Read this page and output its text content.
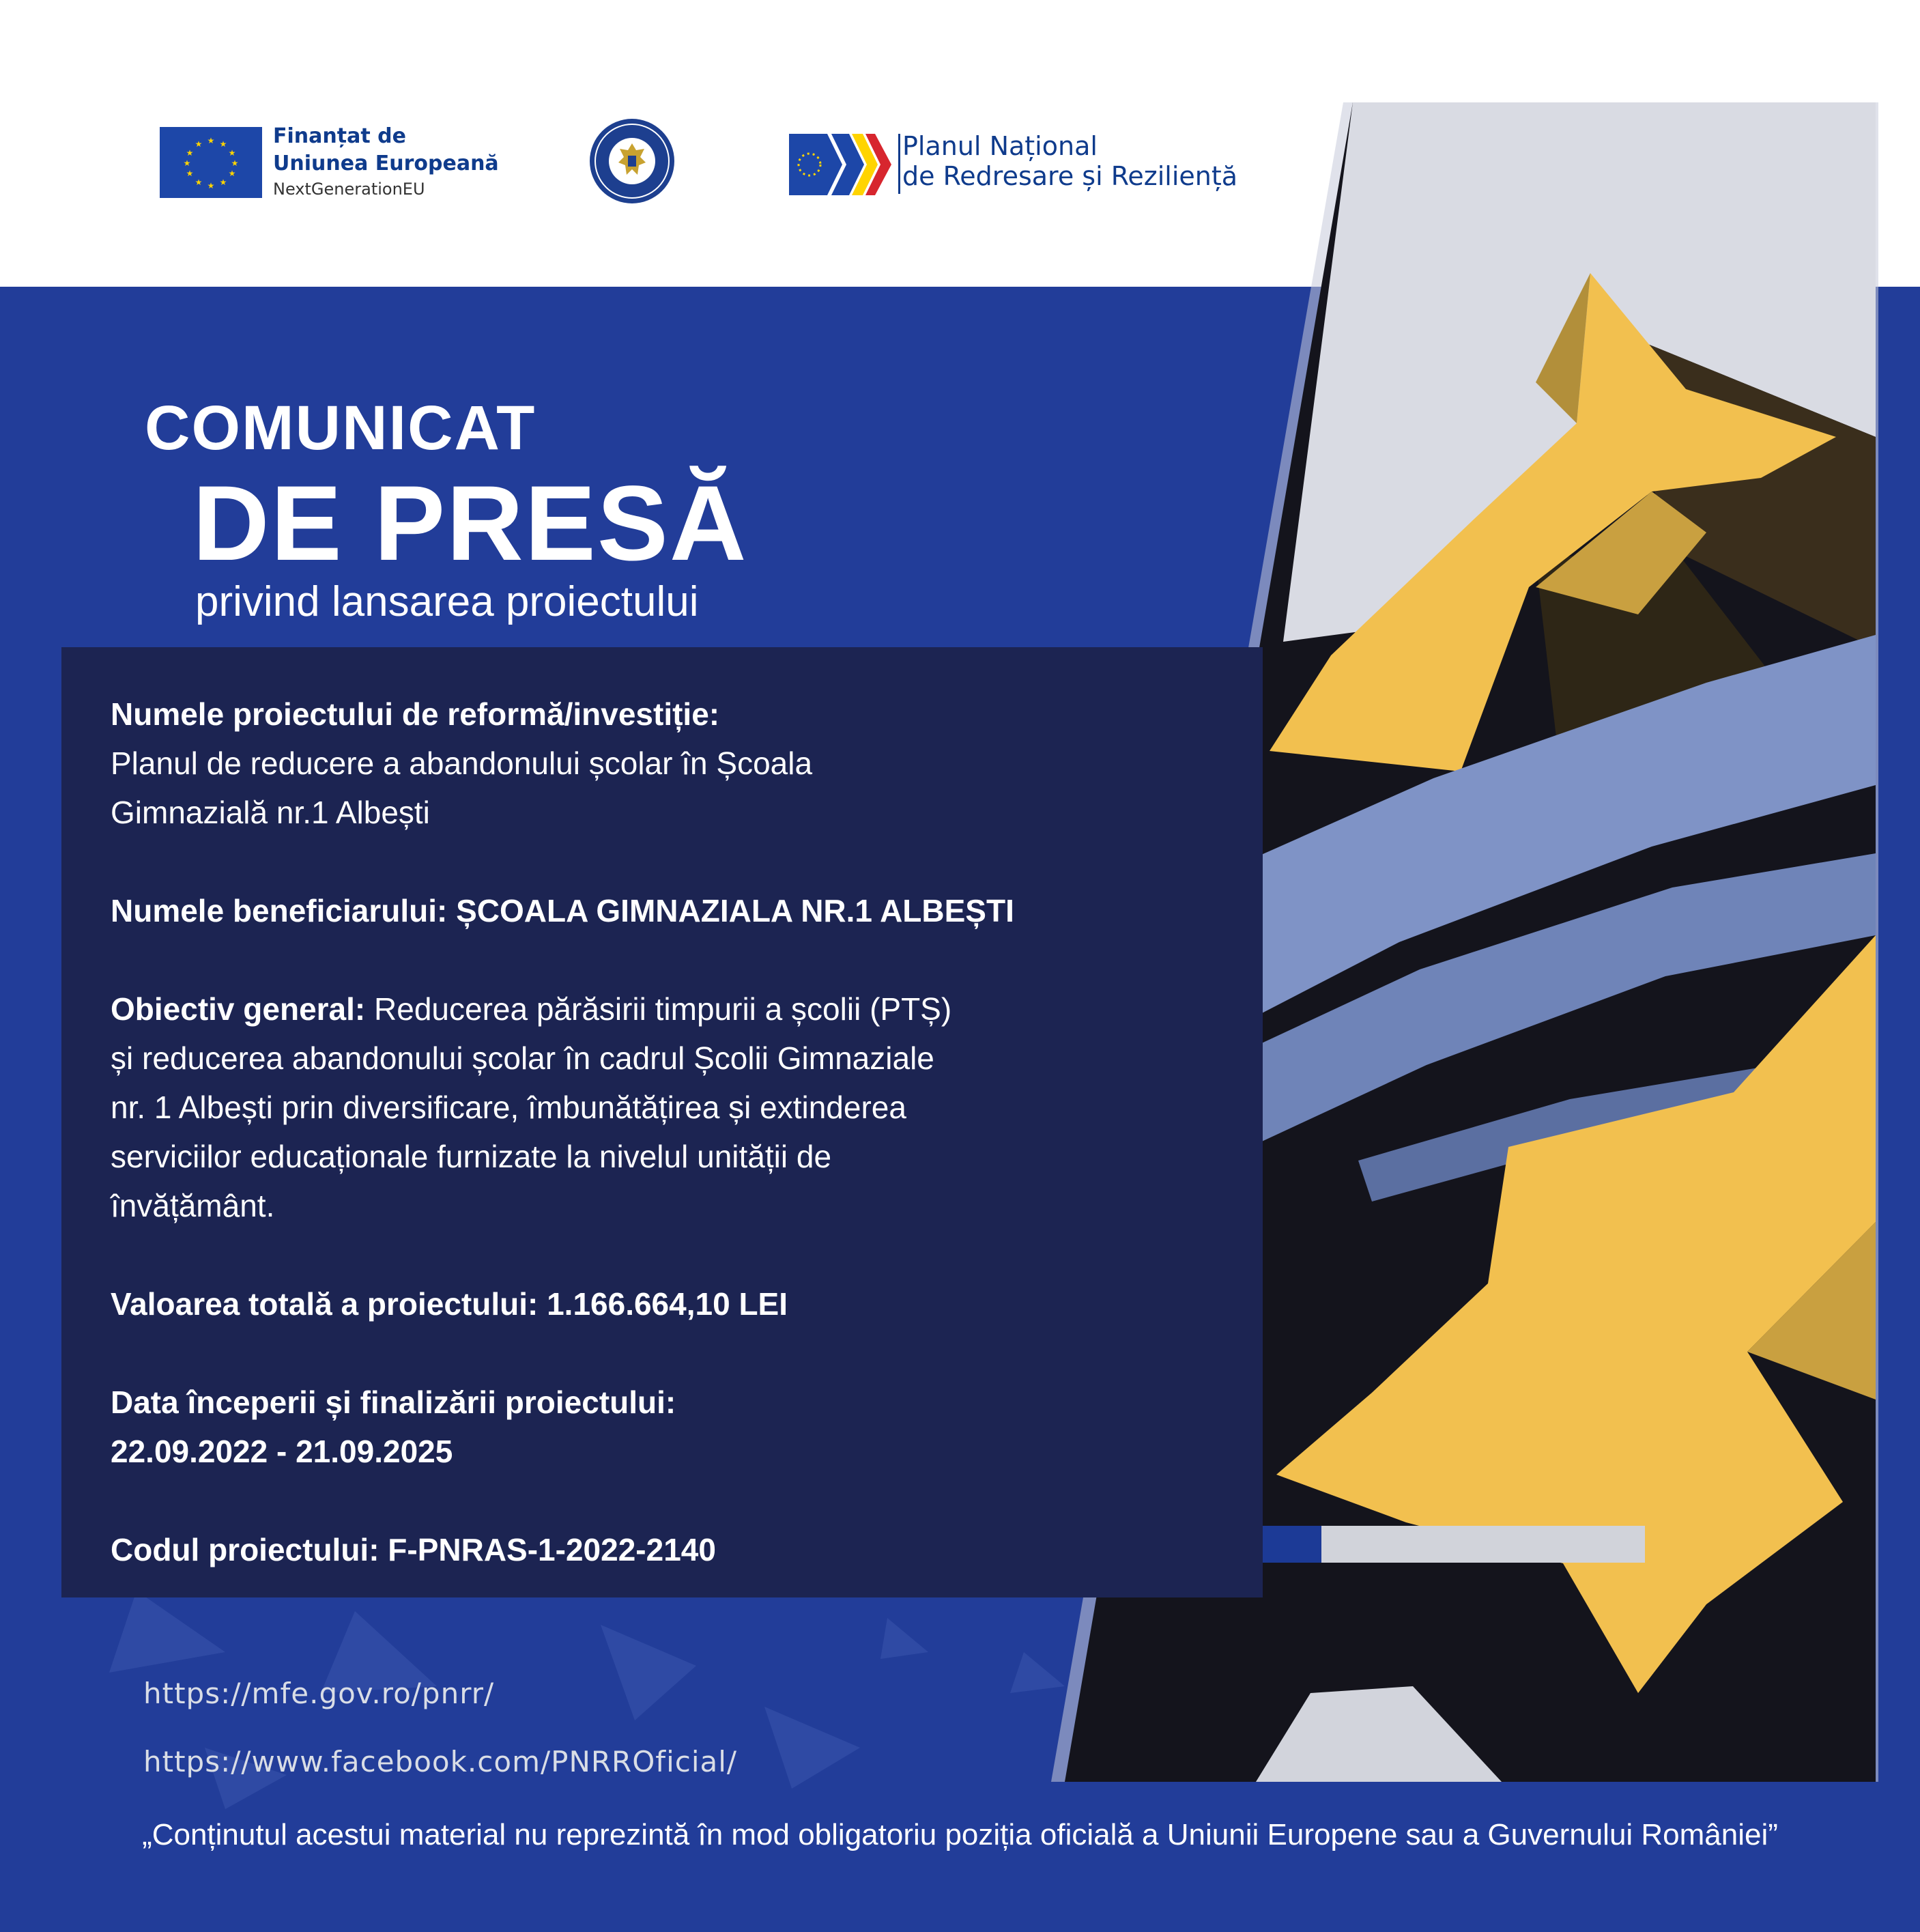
★ ★
★
★
★
★
★
★
★
★
★
★	Finanțat de
Uniunea Europeană
NextGenerationEU
Planul Național
de Redresare și Reziliență
COMUNICAT
DE PRESĂ
privind lansarea proiectului

Numele proiectului de reformă/investiție:

Planul de reducere a abandonului școlar în Școala

Gimnazială nr.1 Albești

Numele beneficiarului: ȘCOALA GIMNAZIALA NR.1 ALBEȘTI

Obiectiv general: Reducerea părăsirii timpurii a școlii (PTȘ)

și reducerea abandonului școlar în cadrul Școlii Gimnaziale

nr. 1 Albești prin diversificare, îmbunătățirea și extinderea

serviciilor educaționale furnizate la nivelul unității de

învățământ.

Valoarea totală a proiectului: 1.166.664,10 LEI

Data începerii și finalizării proiectului:

22.09.2022 - 21.09.2025

Codul proiectului: F-PNRAS-1-2022-2140

https://mfe.gov.ro/pnrr/
https://www.facebook.com/PNRROficial/
„Conținutul acestui material nu reprezintă în mod obligatoriu poziția oficială a Uniunii Europene sau a Guvernului României”
